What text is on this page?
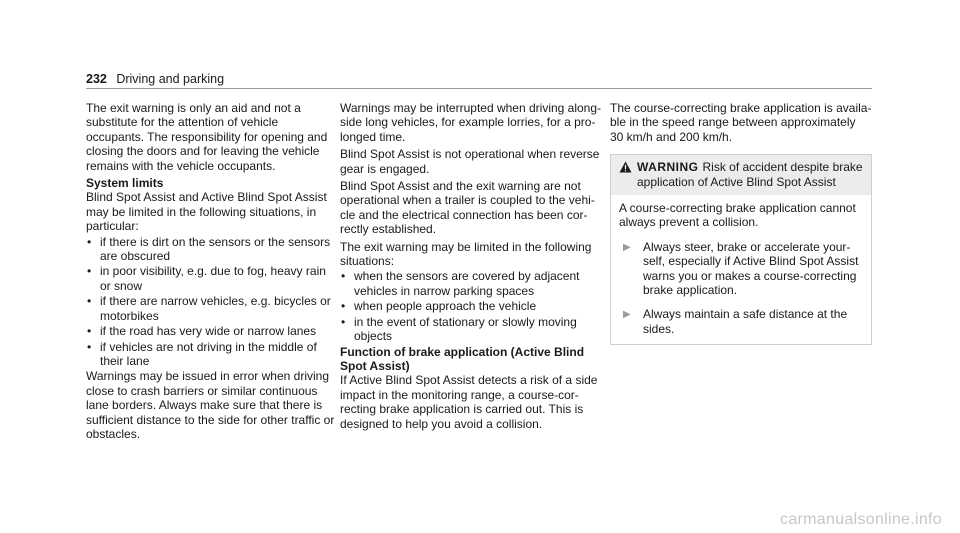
232 Driving and parking

The exit warning is only an aid and not a substitute for the attention of vehicle occupants. The responsibility for opening and closing the doors and for leaving the vehicle remains with the vehicle occupants.

System limits

Blind Spot Assist and Active Blind Spot Assist may be limited in the following situations, in particular:

• if there is dirt on the sensors or the sensors are obscured
• in poor visibility, e.g. due to fog, heavy rain or snow
• if there are narrow vehicles, e.g. bicycles or motorbikes
• if the road has very wide or narrow lanes
• if vehicles are not driving in the middle of their lane

Warnings may be issued in error when driving close to crash barriers or similar continuous lane borders. Always make sure that there is sufficient distance to the side for other traffic or obstacles.

Warnings may be interrupted when driving alongside long vehicles, for example lorries, for a prolonged time.

Blind Spot Assist is not operational when reverse gear is engaged.

Blind Spot Assist and the exit warning are not operational when a trailer is coupled to the vehicle and the electrical connection has been correctly established.

The exit warning may be limited in the following situations:

• when the sensors are covered by adjacent vehicles in narrow parking spaces
• when people approach the vehicle
• in the event of stationary or slowly moving objects

Function of brake application (Active Blind Spot Assist)

If Active Blind Spot Assist detects a risk of a side impact in the monitoring range, a course-correcting brake application is carried out. This is designed to help you avoid a collision.

The course-correcting brake application is available in the speed range between approximately 30 km/h and 200 km/h.

WARNING Risk of accident despite brake application of Active Blind Spot Assist

A course-correcting brake application cannot always prevent a collision.

▶	Always steer, brake or accelerate yourself, especially if Active Blind Spot Assist warns you or makes a course-correcting brake application.
▶	Always maintain a safe distance at the sides.
carmanualsonline.info
